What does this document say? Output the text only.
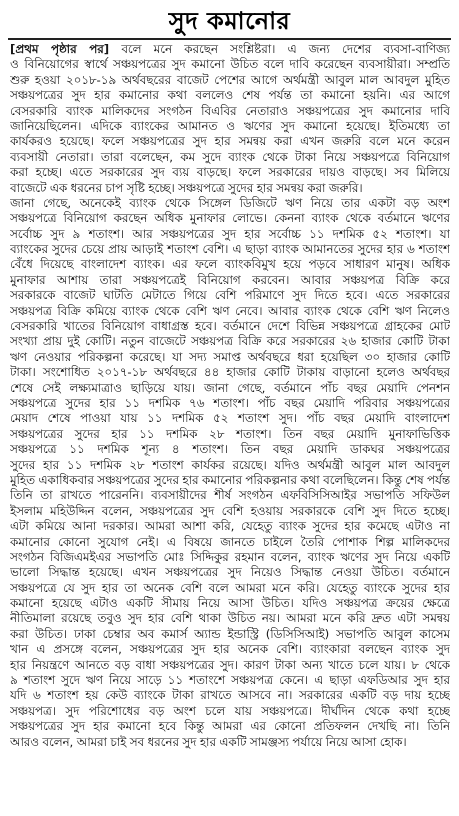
সুদ কমানোর
[প্রথম পৃষ্ঠার পর] বলে মনে করছেন সংশ্লিষ্টরা। এ জন্য দেশের ব্যবসা-বাণিজ্য
ও বিনিয়োগের স্বার্থে সঞ্চয়পত্রের সুদ কমানো উচিত বলে দাবি করেছেন ব্যবসায়ীরা। সম্প্রতি
শুরু হওয়া ২০১৮-১৯ অর্থবছরের বাজেট পেশের আগে অর্থমন্ত্রী আবুল মাল আবদুল মুহিত
সঞ্চয়পত্রের সুদ হার কমানোর কথা বললেও শেষ পর্যন্ত তা কমানো হয়নি। এর আগে
বেসরকারি ব্যাংক মালিকদের সংগঠন বিএবির নেতারাও সঞ্চয়পত্রের সুদ কমানোর দাবি
জানিয়েছিলেন। এদিকে ব্যাংকের আমানত ও ঋণের সুদ কমানো হয়েছে। ইতিমধ্যে তা
কার্যকরও হয়েছে। ফলে সঞ্চয়পত্রের সুদ হার সমন্বয় করা এখন জরুরি বলে মনে করেন
ব্যবসায়ী নেতারা। তারা বলেছেন, কম সুদে ব্যাংক থেকে টাকা নিয়ে সঞ্চয়পত্রে বিনিয়োগ
করা হচ্ছে। এতে সরকারের সুদ ব্যয় বাড়ছে। ফলে সরকারের দায়ও বাড়ছে। সব মিলিয়ে
বাজেটে এক ধরনের চাপ সৃষ্টি হচ্ছে। সঞ্চয়পত্রে সুদের হার সমন্বয় করা জরুরি।
জানা গেছে, অনেকেই ব্যাংক থেকে সিঙ্গেল ডিজিটে ঋণ নিয়ে তার একটা বড় অংশ
সঞ্চয়পত্রে বিনিয়োগ করছেন অধিক মুনাফার লোভে। কেননা ব্যাংক থেকে বর্তমানে ঋণের
সর্বোচ্চ সুদ ৯ শতাংশ। আর সঞ্চয়পত্রের সুদ হার সর্বোচ্চ ১১ দশমিক ৫২ শতাংশ। যা
ব্যাংকের সুদের চেয়ে প্রায় আড়াই শতাংশ বেশি। এ ছাড়া ব্যাংক আমানতের সুদের হার ৬ শতাংশ
বেঁধে দিয়েছে বাংলাদেশ ব্যাংক। এর ফলে ব্যাংকবিমুখ হয়ে পড়বে সাধারণ মানুষ। অধিক
মুনাফার আশায় তারা সঞ্চয়পত্রেই বিনিয়োগ করবেন। আবার সঞ্চয়পত্র বিক্রি করে
সরকারকে বাজেট ঘাটতি মেটাতে গিয়ে বেশি পরিমাণে সুদ দিতে হবে। এতে সরকারের
সঞ্চয়পত্র বিক্রি কমিয়ে ব্যাংক থেকে বেশি ঋণ নেবে। আবার ব্যাংক থেকে বেশি ঋণ নিলেও
বেসরকারি খাতের বিনিয়োগ বাধাগ্রস্ত হবে। বর্তমানে দেশে বিভিন্ন সঞ্চয়পত্রে গ্রাহকের মোট
সংখ্যা প্রায় দুই কোটি। নতুন বাজেটে সঞ্চয়পত্র বিক্রি করে সরকারের ২৬ হাজার কোটি টাকা
ঋণ নেওয়ার পরিকল্পনা করেছে। যা সদ্য সমাপ্ত অর্থবছরে ধরা হয়েছিল ৩০ হাজার কোটি
টাকা। সংশোধিত ২০১৭-১৮ অর্থবছরে ৪৪ হাজার কোটি টাকায় বাড়ানো হলেও অর্থবছর
শেষে সেই লক্ষ্যমাত্রাও ছাড়িয়ে যায়। জানা গেছে, বর্তমানে পাঁচ বছর মেয়াদি পেনশন
সঞ্চয়পত্রে সুদের হার ১১ দশমিক ৭৬ শতাংশ। পাঁচ বছর মেয়াদি পরিবার সঞ্চয়পত্রের
মেয়াদ শেষে পাওয়া যায় ১১ দশমিক ৫২ শতাংশ সুদ। পাঁচ বছর মেয়াদি বাংলাদেশ
সঞ্চয়পত্রের সুদের হার ১১ দশমিক ২৮ শতাংশ। তিন বছর মেয়াদি মুনাফাভিত্তিক
সঞ্চয়পত্রে ১১ দশমিক শূন্য ৪ শতাংশ। তিন বছর মেয়াদি ডাকঘর সঞ্চয়পত্রের
সুদের হার ১১ দশমিক ২৮ শতাংশ কার্যকর রয়েছে। যদিও অর্থমন্ত্রী আবুল মাল আবদুল
মুহিত একাধিকবার সঞ্চয়পত্রের সুদের হার কমানোর পরিকল্পনার কথা বলেছিলেন। কিন্তু শেষ পর্যন্ত
তিনি তা রাখতে পারেননি। ব্যবসায়ীদের শীর্ষ সংগঠন এফবিসিসিআইর সভাপতি সফিউল
ইসলাম মহিউদ্দিন বলেন, সঞ্চয়পত্রের সুদ বেশি হওয়ায় সরকারকে বেশি সুদ দিতে হচ্ছে।
এটা কমিয়ে আনা দরকার। আমরা আশা করি, যেহেতু ব্যাংক সুদের হার কমেছে এটাও না
কমানোর কোনো সুযোগ নেই। এ বিষয়ে জানতে চাইলে তৈরি পোশাক শিল্প মালিকদের
সংগঠন বিজিএমইএর সভাপতি মোঃ সিদ্দিকুর রহমান বলেন, ব্যাংক ঋণের সুদ নিয়ে একটি
ভালো সিদ্ধান্ত হয়েছে। এখন সঞ্চয়পত্রের সুদ নিয়েও সিদ্ধান্ত নেওয়া উচিত। বর্তমানে
সঞ্চয়পত্রে যে সুদ হার তা অনেক বেশি বলে আমরা মনে করি। যেহেতু ব্যাংকে সুদের হার
কমানো হয়েছে এটাও একটি সীমায় নিয়ে আসা উচিত। যদিও সঞ্চয়পত্র ক্রয়ের ক্ষেত্রে
নীতিমালা রয়েছে তবুও সুদ হার বেশি থাকা উচিত নয়। আমরা মনে করি দ্রুত এটা সমন্বয়
করা উচিত। ঢাকা চেম্বার অব কমার্স অ্যান্ড ইন্ডাস্ট্রি (ডিসিসিআই) সভাপতি আবুল কাসেম
খান এ প্রসঙ্গে বলেন, সঞ্চয়পত্রের সুদ হার অনেক বেশি। ব্যাংকারা বলছেন ব্যাংক সুদ
হার নিয়ন্ত্রণে আনতে বড় বাধা সঞ্চয়পত্রের সুদ। কারণ টাকা অন্য খাতে চলে যায়। ৮ থেকে
৯ শতাংশ সুদে ঋণ নিয়ে সাড়ে ১১ শতাংশে সঞ্চয়পত্র কেনে। এ ছাড়া এফডিআর সুদ হার
যদি ৬ শতাংশ হয় কেউ ব্যাংকে টাকা রাখতে আসবে না। সরকারের একটি বড় দায় হচ্ছে
সঞ্চয়পত্র। সুদ পরিশোধের বড় অংশ চলে যায় সঞ্চয়পত্রে। দীর্ঘদিন থেকে কথা হচ্ছে
সঞ্চয়পত্রের সুদ হার কমানো হবে কিন্তু আমরা এর কোনো প্রতিফলন দেখছি না। তিনি
আরও বলেন, আমরা চাই সব ধরনের সুদ হার একটি সামঞ্জস্য পর্যায়ে নিয়ে আসা হোক।
